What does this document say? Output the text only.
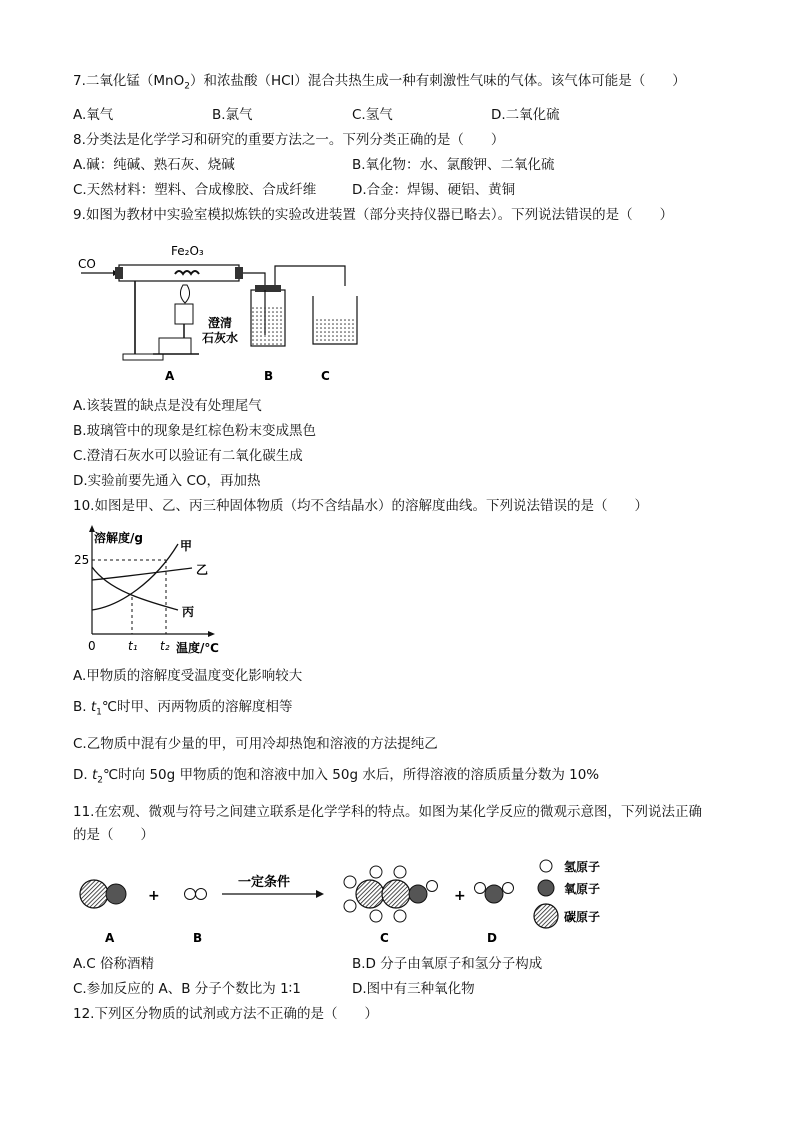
7.二氧化锰（MnO$_2$）和浓盐酸（HCl）混合共热生成一种有刺激性气味的气体。该气体可能是（　　）
A.氧气	B.氯气	C.氢气	D.二氧化硫
8.分类法是化学学习和研究的重要方法之一。下列分类正确的是（　　）
A.碱：纯碱、熟石灰、烧碱	B.氧化物：水、氯酸钾、二氧化硫
C.天然材料：塑料、合成橡胶、合成纤维	D.合金：焊锡、硬铝、黄铜
9.如图为教材中实验室模拟炼铁的实验改进装置（部分夹持仪器已略去）。下列说法错误的是（　　）
CO
Fe₂O₃
澄清
石灰水
A	B	C
A.该装置的缺点是没有处理尾气
B.玻璃管中的现象是红棕色粉末变成黑色
C.澄清石灰水可以验证有二氧化碳生成
D.实验前要先通入 CO，再加热
10.如图是甲、乙、丙三种固体物质（均不含结晶水）的溶解度曲线。下列说法错误的是（　　）
溶解度/g
25
0	t₁ t₂ 温度/℃
甲
乙
丙
A.甲物质的溶解度受温度变化影响较大
B. $t_1℃$时甲、丙两物质的溶解度相等
C.乙物质中混有少量的甲，可用冷却热饱和溶液的方法提纯乙
D. $t_2℃$时向 50g 甲物质的饱和溶液中加入 50g 水后，所得溶液的溶质质量分数为 10%
11.在宏观、微观与符号之间建立联系是化学学科的特点。如图为某化学反应的微观示意图，下列说法正确
的是（　　）
A
+
B
一定条件
C
+
D
氢原子
氧原子
碳原子
A.C 俗称酒精	B.D 分子由氧原子和氢分子构成
C.参加反应的 A、B 分子个数比为 1∶1	D.图中有三种氧化物
12.下列区分物质的试剂或方法不正确的是（　　）
